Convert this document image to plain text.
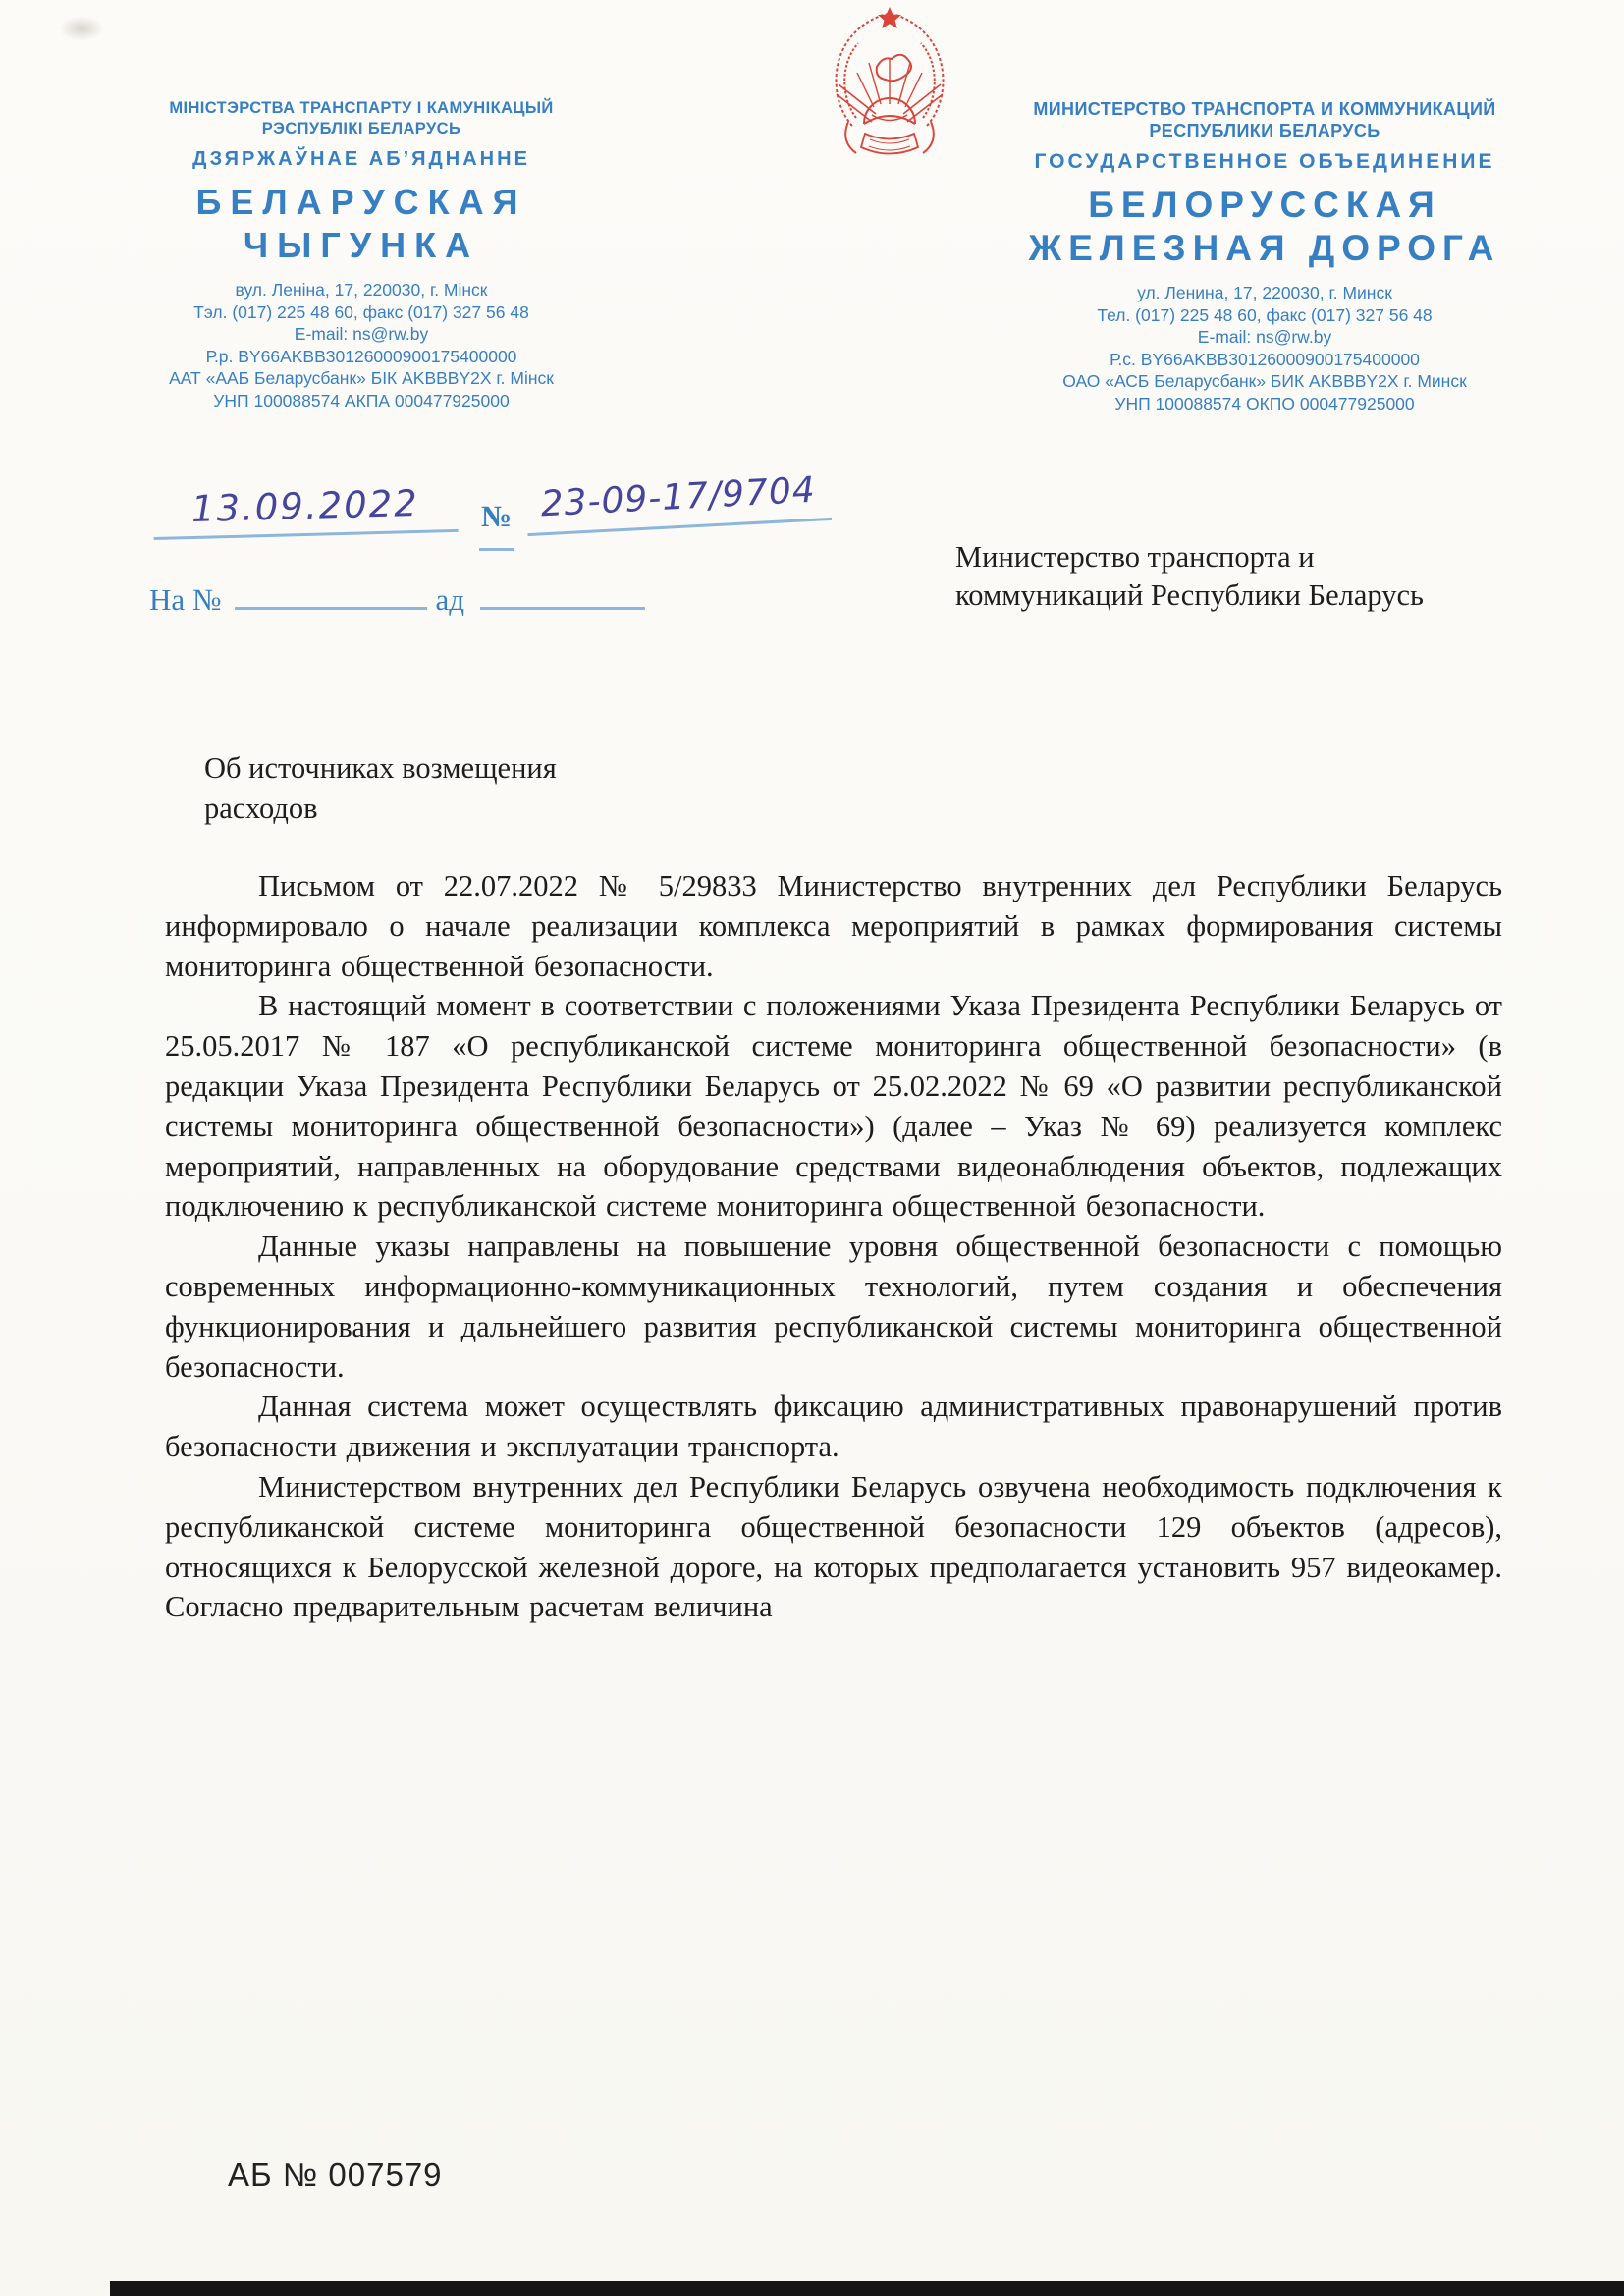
МІНІСТЭРСТВА ТРАНСПАРТУ І КАМУНІКАЦЫЙ
РЭСПУБЛІКІ БЕЛАРУСЬ
ДЗЯРЖАЎНАЕ АБ’ЯДНАННЕ
БЕЛАРУСКАЯ
ЧЫГУНКА
вул. Леніна, 17, 220030, г. Мінск
Тэл. (017) 225 48 60, факс (017) 327 56 48
E-mail: ns@rw.by
Р.р. BY66AKBB30126000900175400000
ААТ «ААБ Беларусбанк» БІК AKBBBY2X г. Мінск
УНП 100088574 АКПА 000477925000
МИНИСТЕРСТВО ТРАНСПОРТА И КОММУНИКАЦИЙ
РЕСПУБЛИКИ БЕЛАРУСЬ
ГОСУДАРСТВЕННОЕ ОБЪЕДИНЕНИЕ
БЕЛОРУССКАЯ
ЖЕЛЕЗНАЯ ДОРОГА
ул. Ленина, 17, 220030, г. Минск
Тел. (017) 225 48 60, факс (017) 327 56 48
E-mail: ns@rw.by
Р.с. BY66AKBB30126000900175400000
ОАО «АСБ Беларусбанк» БИК AKBBBY2X г. Минск
УНП 100088574 ОКПО 000477925000
13.09.2022	№ 23-09-17/9704
На №	ад
Министерство транспорта и коммуникаций Республики Беларусь
Об источниках возмещения расходов

Письмом от 22.07.2022 № 5/29833 Министерство внутренних дел Республики Беларусь информировало о начале реализации комплекса мероприятий в рамках формирования системы мониторинга общественной безопасности.

В настоящий момент в соответствии с положениями Указа Президента Республики Беларусь от 25.05.2017 № 187 «О республиканской системе мониторинга общественной безопасности» (в редакции Указа Президента Республики Беларусь от 25.02.2022 № 69 «О развитии республиканской системы мониторинга общественной безопасности») (далее – Указ № 69) реализуется комплекс мероприятий, направленных на оборудование средствами видеонаблюдения объектов, подлежащих подключению к республиканской системе мониторинга общественной безопасности.

Данные указы направлены на повышение уровня общественной безопасности с помощью современных информационно-коммуникационных технологий, путем создания и обеспечения функционирования и дальнейшего развития республиканской системы мониторинга общественной безопасности.

Данная система может осуществлять фиксацию административных правонарушений против безопасности движения и эксплуатации транспорта.

Министерством внутренних дел Республики Беларусь озвучена необходимость подключения к республиканской системе мониторинга общественной безопасности 129 объектов (адресов), относящихся к Белорусской железной дороге, на которых предполагается установить 957 видеокамер. Согласно предварительным расчетам величина

АБ № 007579
